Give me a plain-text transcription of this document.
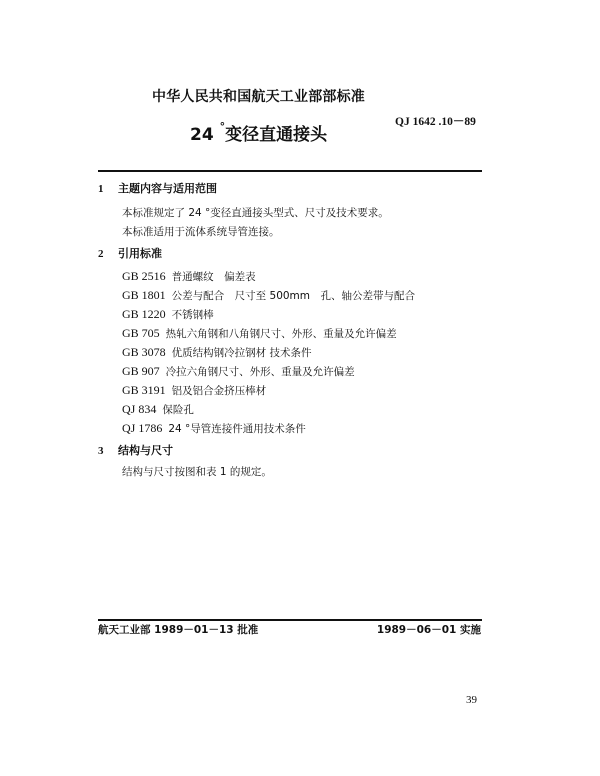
中华人民共和国航天工业部部标准
QJ 1642 .10－89
24 °变径直通接头
1 主题内容与适用范围
本标准规定了 24 °变径直通接头型式、尺寸及技术要求。
本标准适用于流体系统导管连接。
2 引用标准
GB 2516 普通螺纹　偏差表
GB 1801 公差与配合　尺寸至 500mm　孔、轴公差带与配合
GB 1220 不锈钢棒
GB 705 热轧六角钢和八角钢尺寸、外形、重量及允许偏差
GB 3078 优质结构钢冷拉钢材 技术条件
GB 907 冷拉六角钢尺寸、外形、重量及允许偏差
GB 3191 铝及铝合金挤压棒材
QJ 834 保险孔
QJ 1786 24 °导管连接件通用技术条件
3 结构与尺寸
结构与尺寸按图和表 1 的规定。
航天工业部 1989－01－13 批准	1989－06－01 实施
39
